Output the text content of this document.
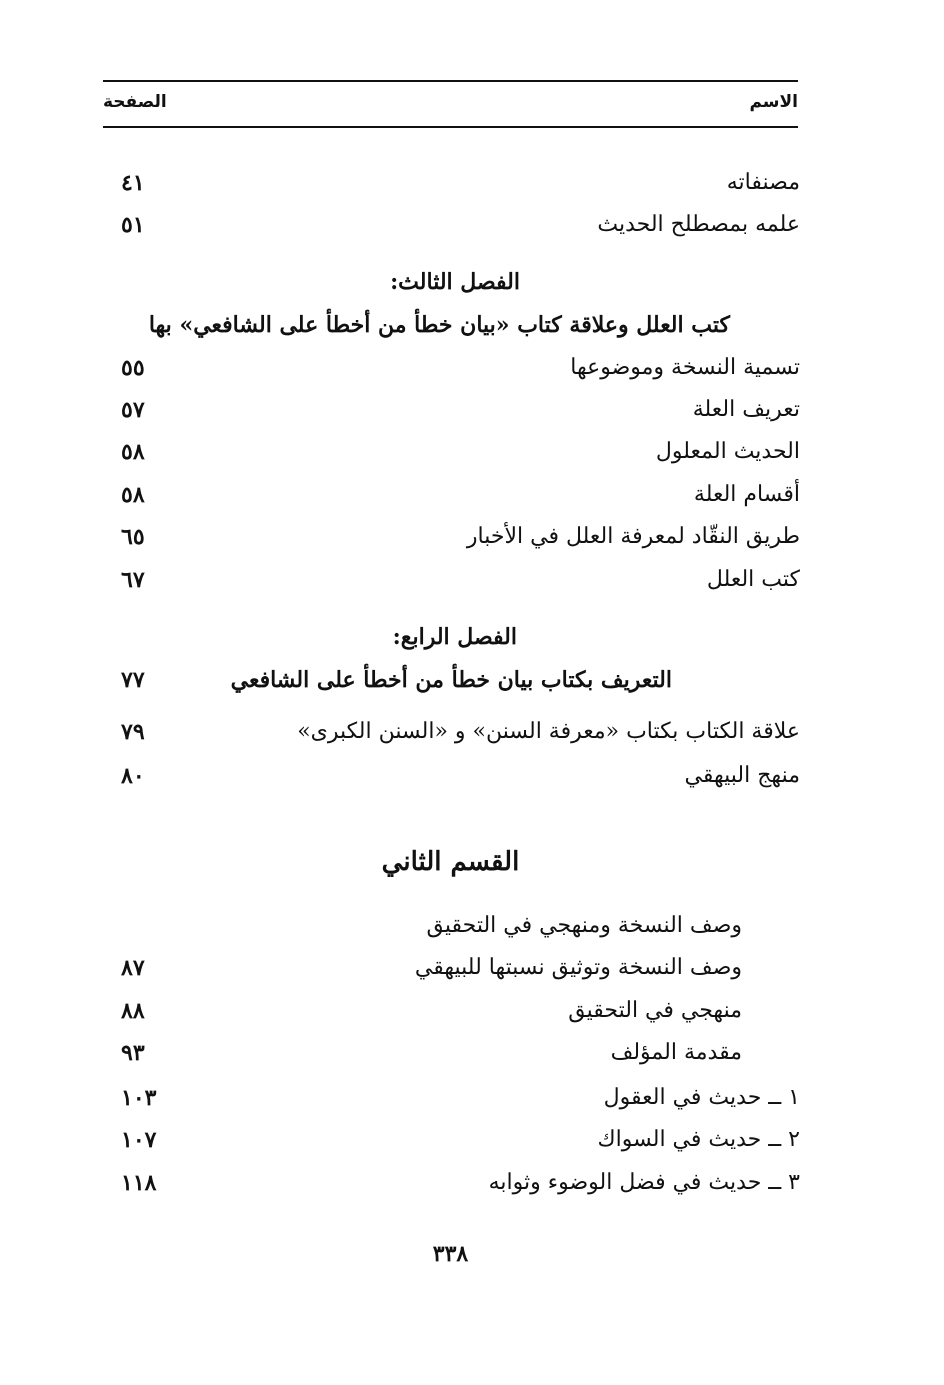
الاسم
الصفحة
مصنفاته
٤١
علمه بمصطلح الحديث
٥١
الفصل الثالث:
كتب العلل وعلاقة كتاب «بيان خطأ من أخطأ على الشافعي» بها
تسمية النسخة وموضوعها
٥٥
تعريف العلة
٥٧
الحديث المعلول
٥٨
أقسام العلة
٥٨
طريق النقّاد لمعرفة العلل في الأخبار
٦٥
كتب العلل
٦٧
الفصل الرابع:
التعريف بكتاب بيان خطأ من أخطأ على الشافعي
٧٧
علاقة الكتاب بكتاب «معرفة السنن» و «السنن الكبرى»
٧٩
منهج البيهقي
٨٠
القسم الثاني
وصف النسخة ومنهجي في التحقيق
وصف النسخة وتوثيق نسبتها للبيهقي
٨٧
منهجي في التحقيق
٨٨
مقدمة المؤلف
٩٣
١ ــ حديث في العقول
١٠٣
٢ ــ حديث في السواك
١٠٧
٣ ــ حديث في فضل الوضوء وثوابه
١١٨
٣٣٨
